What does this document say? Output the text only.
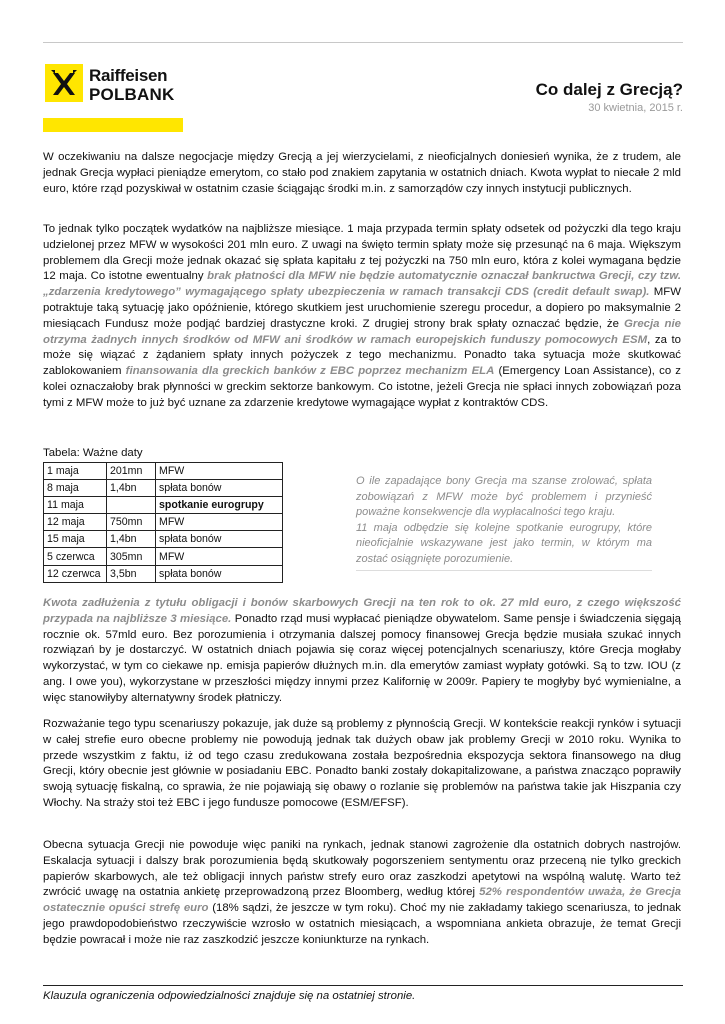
Raiffeisen
POLBANK	Co dalej z Grecją?
30 kwietnia, 2015 r.

W oczekiwaniu na dalsze negocjacje między Grecją a jej wierzycielami, z nieoficjalnych doniesień wynika, że z trudem, ale jednak Grecja wypłaci pieniądze emerytom, co stało pod znakiem zapytania w ostatnich dniach. Kwota wypłat to niecałe 2 mld euro, które rząd pozyskiwał w ostatnim czasie ściągając środki m.in. z samorządów czy innych instytucji publicznych.

To jednak tylko początek wydatków na najbliższe miesiące. 1 maja przypada termin spłaty odsetek od pożyczki dla tego kraju udzielonej przez MFW w wysokości 201 mln euro. Z uwagi na święto termin spłaty może się przesunąć na 6 maja. Większym problemem dla Grecji może jednak okazać się spłata kapitału z tej pożyczki na 750 mln euro, która z kolei wymagana będzie 12 maja. Co istotne ewentualny brak płatności dla MFW nie będzie automatycznie oznaczał bankructwa Grecji, czy tzw. „zdarzenia kredytowego” wymagającego spłaty ubezpieczenia w ramach transakcji CDS (credit default swap). MFW potraktuje taką sytuację jako opóźnienie, którego skutkiem jest uruchomienie szeregu procedur, a dopiero po maksymalnie 2 miesiącach Fundusz może podjąć bardziej drastyczne kroki. Z drugiej strony brak spłaty oznaczać będzie, że Grecja nie otrzyma żadnych innych środków od MFW ani środków w ramach europejskich funduszy pomocowych ESM, za to może się wiązać z żądaniem spłaty innych pożyczek z tego mechanizmu. Ponadto taka sytuacja może skutkować zablokowaniem finansowania dla greckich banków z EBC poprzez mechanizm ELA (Emergency Loan Assistance), co z kolei oznaczałoby brak płynności w greckim sektorze bankowym. Co istotne, jeżeli Grecja nie spłaci innych zobowiązań poza tymi z MFW może to już być uznane za zdarzenie kredytowe wymagające wypłat z kontraktów CDS.

Tabela: Ważne daty
1 maja	201mn	MFW
8 maja	1,4bn	spłata bonów
11 maja		spotkanie eurogrupy
12 maja	750mn	MFW
15 maja	1,4bn	spłata bonów
5 czerwca	305mn	MFW
12 czerwca	3,5bn	spłata bonów

O ile zapadające bony Grecja ma szanse zrolować, spłata zobowiązań z MFW może być problemem i przynieść poważne konsekwencje dla wypłacalności tego kraju.

11 maja odbędzie się kolejne spotkanie eurogrupy, które nieoficjalnie wskazywane jest jako termin, w którym ma zostać osiągnięte porozumienie.

Kwota zadłużenia z tytułu obligacji i bonów skarbowych Grecji na ten rok to ok. 27 mld euro, z czego większość przypada na najbliższe 3 miesiące. Ponadto rząd musi wypłacać pieniądze obywatelom. Same pensje i świadczenia sięgają rocznie ok. 57mld euro. Bez porozumienia i otrzymania dalszej pomocy finansowej Grecja będzie musiała szukać innych rozwiązań by je dostarczyć. W ostatnich dniach pojawia się coraz więcej potencjalnych scenariuszy, które Grecja mogłaby wykorzystać, w tym co ciekawe np. emisja papierów dłużnych m.in. dla emerytów zamiast wypłaty gotówki. Są to tzw. IOU (z ang. I owe you), wykorzystane w przeszłości między innymi przez Kalifornię w 2009r. Papiery te mogłyby być wymienialne, a więc stanowiłyby alternatywny środek płatniczy.

Rozważanie tego typu scenariuszy pokazuje, jak duże są problemy z płynnością Grecji. W kontekście reakcji rynków i sytuacji w całej strefie euro obecne problemy nie powodują jednak tak dużych obaw jak problemy Grecji w 2010 roku. Wynika to przede wszystkim z faktu, iż od tego czasu zredukowana została bezpośrednia ekspozycja sektora finansowego na dług Grecji, który obecnie jest głównie w posiadaniu EBC. Ponadto banki zostały dokapitalizowane, a państwa znacząco poprawiły swoją sytuację fiskalną, co sprawia, że nie pojawiają się obawy o rozlanie się problemów na państwa takie jak Hiszpania czy Włochy. Na straży stoi też EBC i jego fundusze pomocowe (ESM/EFSF).

Obecna sytuacja Grecji nie powoduje więc paniki na rynkach, jednak stanowi zagrożenie dla ostatnich dobrych nastrojów. Eskalacja sytuacji i dalszy brak porozumienia będą skutkowały pogorszeniem sentymentu oraz przeceną nie tylko greckich papierów skarbowych, ale też obligacji innych państw strefy euro oraz zaszkodzi apetytowi na wspólną walutę. Warto też zwrócić uwagę na ostatnia ankietę przeprowadzoną przez Bloomberg, według której 52% respondentów uważa, że Grecja ostatecznie opuści strefę euro (18% sądzi, że jeszcze w tym roku). Choć my nie zakładamy takiego scenariusza, to jednak jego prawdopodobieństwo rzeczywiście wzrosło w ostatnich miesiącach, a wspomniana ankieta obrazuje, że temat Grecji będzie powracał i może nie raz zaszkodzić jeszcze koniunkturze na rynkach.

Klauzula ograniczenia odpowiedzialności znajduje się na ostatniej stronie.
